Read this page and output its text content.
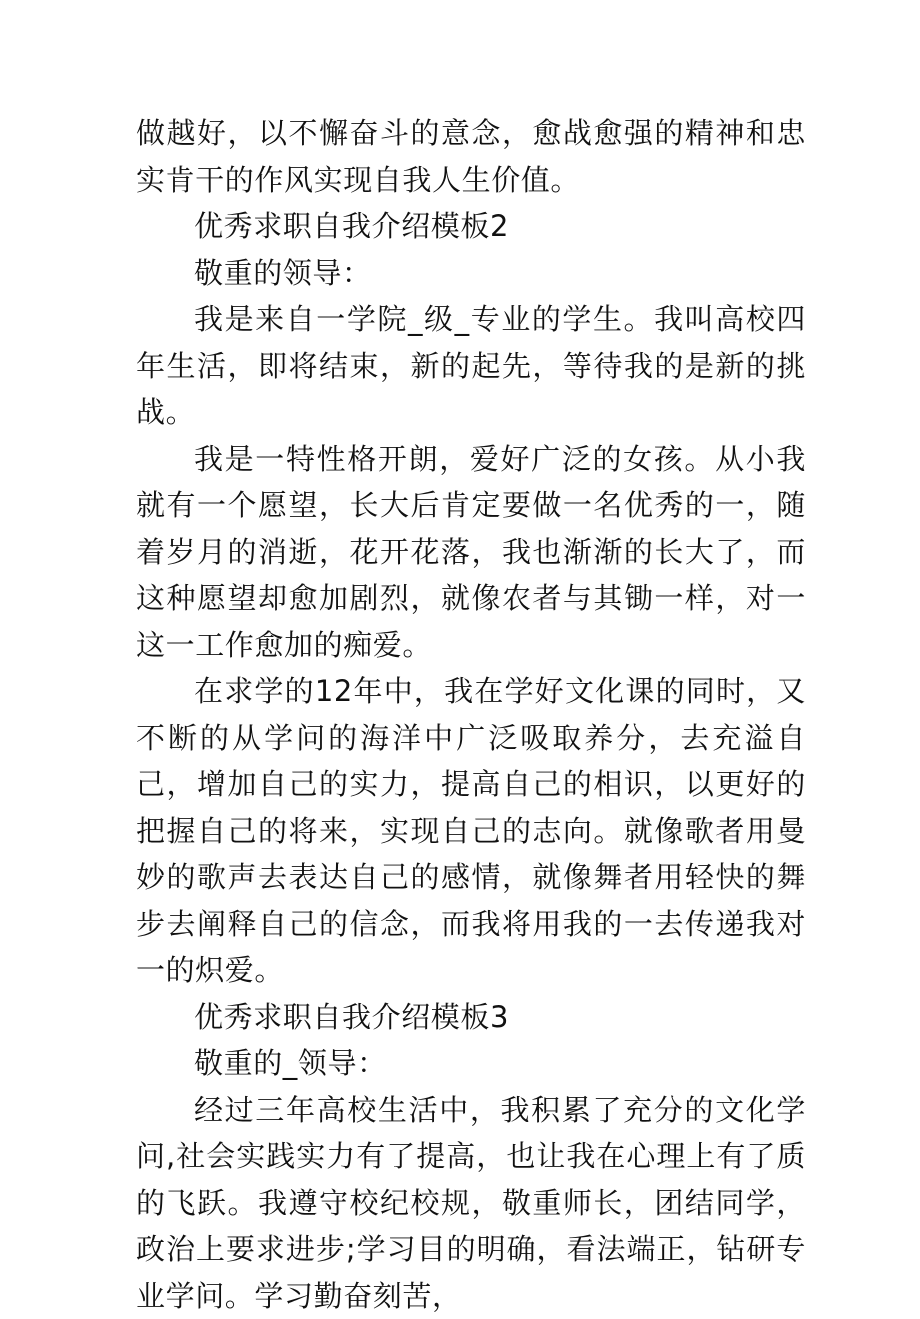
做越好，以不懈奋斗的意念，愈战愈强的精神和忠实肯干的作风实现自我人生价值。

优秀求职自我介绍模板2

敬重的领导：

我是来自一学院_级_专业的学生。我叫高校四年生活，即将结束，新的起先，等待我的是新的挑战。

我是一特性格开朗，爱好广泛的女孩。从小我就有一个愿望，长大后肯定要做一名优秀的一，随着岁月的消逝，花开花落，我也渐渐的长大了，而这种愿望却愈加剧烈，就像农者与其锄一样，对一这一工作愈加的痴爱。

在求学的12年中，我在学好文化课的同时，又不断的从学问的海洋中广泛吸取养分，去充溢自己，增加自己的实力，提高自己的相识，以更好的把握自己的将来，实现自己的志向。就像歌者用曼妙的歌声去表达自己的感情，就像舞者用轻快的舞步去阐释自己的信念，而我将用我的一去传递我对一的炽爱。

优秀求职自我介绍模板3

敬重的_领导：

经过三年高校生活中，我积累了充分的文化学问,社会实践实力有了提高，也让我在心理上有了质的飞跃。我遵守校纪校规，敬重师长，团结同学，政治上要求进步;学习目的明确，看法端正，钻研专业学问。学习勤奋刻苦，
